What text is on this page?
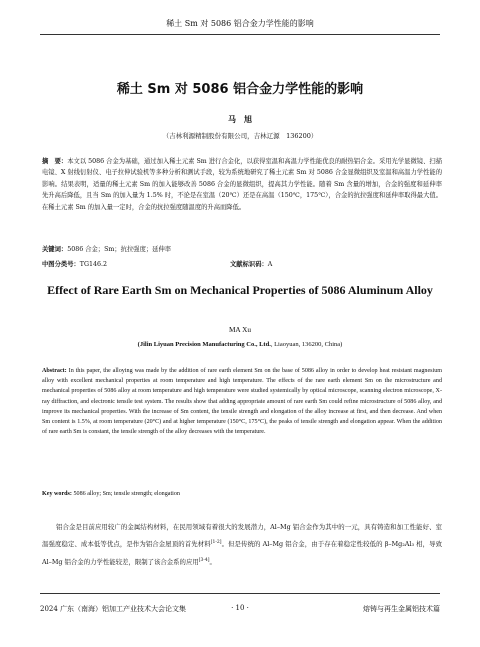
稀土 Sm 对 5086 铝合金力学性能的影响
稀土 Sm 对 5086 铝合金力学性能的影响
马　旭
（吉林利源精制股份有限公司，吉林辽源　136200）
摘　要：本文以 5086 合金为基础，通过加入稀土元素 Sm 进行合金化，以获得室温和高温力学性能优良的耐热铝合金。采用光学显微镜、扫描电镜、X 射线衍射仪、电子拉伸试验机等多种分析和测试手段，较为系统地研究了稀土元素 Sm 对 5086 合金显微组织及室温和高温力学性能的影响。结果表明，适量的稀土元素 Sm 的加入能够改善 5086 合金的显微组织，提高其力学性能。随着 Sm 含量的增加，合金的强度和延伸率先升高后降低，且当 Sm 的加入量为 1.5% 时，不论是在室温（20℃）还是在高温（150℃，175℃），合金的抗拉强度和延伸率取得最大值。在稀土元素 Sm 的加入量一定时，合金的抗拉强度随温度的升高而降低。
关键词：5086 合金；Sm；抗拉强度；延伸率
中图分类号：TG146.2	文献标识码：A
Effect of Rare Earth Sm on Mechanical Properties of 5086 Aluminum Alloy
MA Xu
(Jilin Liyuan Precision Manufacturing Co., Ltd., Liaoyuan, 136200, China)
Abstract: In this paper, the alloying was made by the addition of rare earth element Sm on the base of 5086 alloy in order to develop heat resistant magnesium alloy with excellent mechanical properties at room temperature and high temperature. The effects of the rare earth element Sm on the microstructure and mechanical properties of 5086 alloy at room temperature and high temperature were studied systemically by optical microscope, scanning electron microscope, X-ray diffraction, and electronic tensile test system. The results show that adding appropriate amount of rare earth Sm could refine microstructure of 5086 alloy, and improve its mechanical properties. With the increase of Sm content, the tensile strength and elongation of the alloy increase at first, and then decrease. And when Sm content is 1.5%, at room temperature (20°C) and at higher temperature (150°C, 175°C), the peaks of tensile strength and elongation appear. When the addition of rare earth Sm is constant, the tensile strength of the alloy decreases with the temperature.
Key words: 5086 alloy; Sm; tensile strength; elongation
铝合金是目前应用较广的金属结构材料，在民用领域有着很大的发展潜力，Al–Mg 铝合金作为其中的一元，具有铸造和加工性能好、室温强度稳定、成本低等优点，是作为铝合金屋顶的首先材料[1-2]。但是传统的 Al–Mg 铝合金，由于存在着稳定性较低的 β–Mg₂Al₃ 相，导致 Al–Mg 铝合金的力学性能较差，限制了该合金系的应用[3-4]。
2024 广东（南海）铝加工产业技术大会论文集	· 10 ·	熔铸与再生金属铝技术篇
